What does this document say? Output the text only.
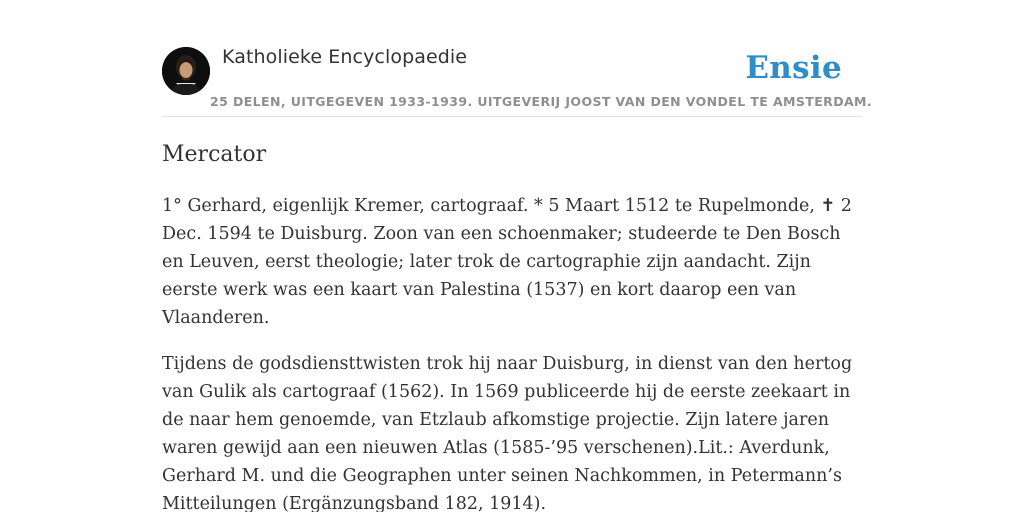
Katholieke Encyclopaedie	Ensie
25 DELEN, UITGEGEVEN 1933-1939. UITGEVERIJ JOOST VAN DEN VONDEL TE AMSTERDAM.
Mercator

1° Gerhard, eigenlijk Kremer, cartograaf. * 5 Maart 1512 te Rupelmonde, ✝ 2 Dec. 1594 te Duisburg. Zoon van een schoenmaker; studeerde te Den Bosch en Leuven, eerst theologie; later trok de cartographie zijn aandacht. Zijn eerste werk was een kaart van Palestina (1537) en kort daarop een van Vlaanderen.

Tijdens de godsdiensttwisten trok hij naar Duisburg, in dienst van den hertog van Gulik als cartograaf (1562). In 1569 publiceerde hij de eerste zeekaart in de naar hem genoemde, van Etzlaub afkomstige projectie. Zijn latere jaren waren gewijd aan een nieuwen Atlas (1585-’95 verschenen).Lit.: Averdunk, Gerhard M. und die Geographen unter seinen Nachkommen, in Petermann’s Mitteilungen (Ergänzungsband 182, 1914).
